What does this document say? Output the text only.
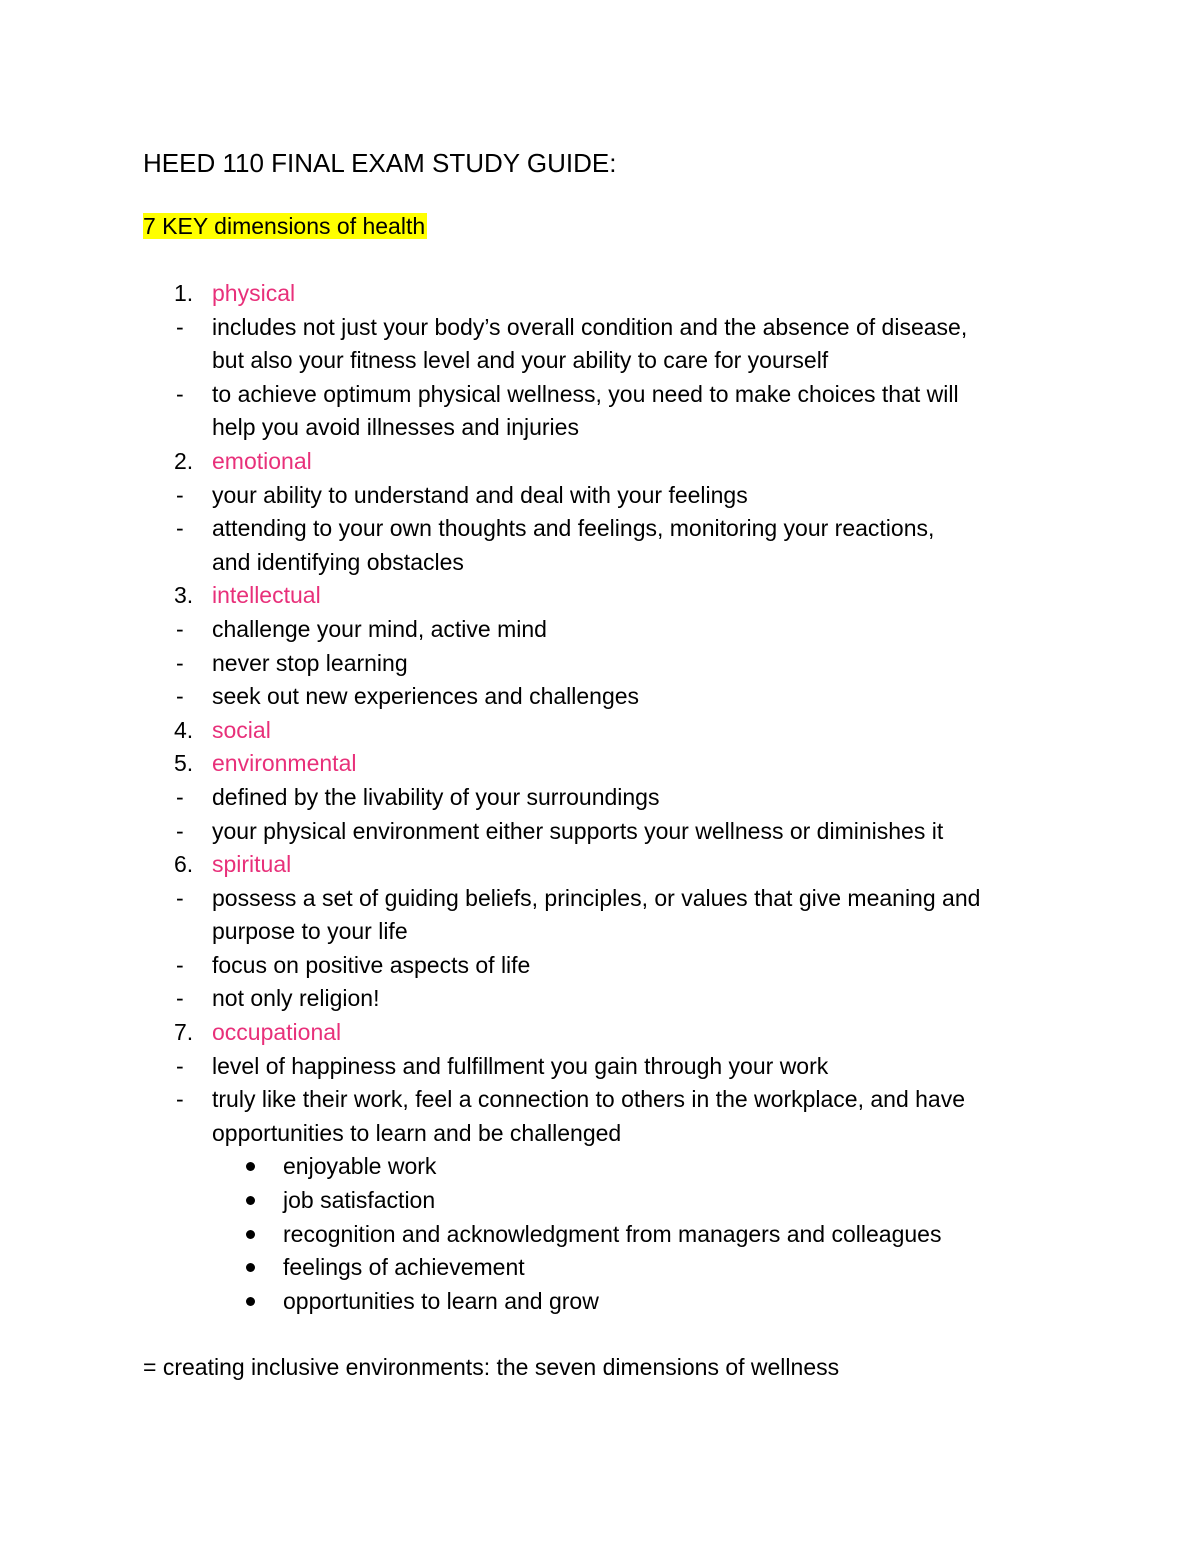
HEED 110 FINAL EXAM STUDY GUIDE:
7 KEY dimensions of health
1. physical
- includes not just your body’s overall condition and the absence of disease,
but also your fitness level and your ability to care for yourself
- to achieve optimum physical wellness, you need to make choices that will
help you avoid illnesses and injuries
2. emotional
- your ability to understand and deal with your feelings
- attending to your own thoughts and feelings, monitoring your reactions,
and identifying obstacles
3. intellectual
- challenge your mind, active mind
- never stop learning
- seek out new experiences and challenges
4. social
5. environmental
- defined by the livability of your surroundings
- your physical environment either supports your wellness or diminishes it
6. spiritual
- possess a set of guiding beliefs, principles, or values that give meaning and
purpose to your life
- focus on positive aspects of life
- not only religion!
7. occupational
- level of happiness and fulfillment you gain through your work
- truly like their work, feel a connection to others in the workplace, and have
opportunities to learn and be challenged
enjoyable work
job satisfaction
recognition and acknowledgment from managers and colleagues
feelings of achievement
opportunities to learn and grow
= creating inclusive environments: the seven dimensions of wellness
